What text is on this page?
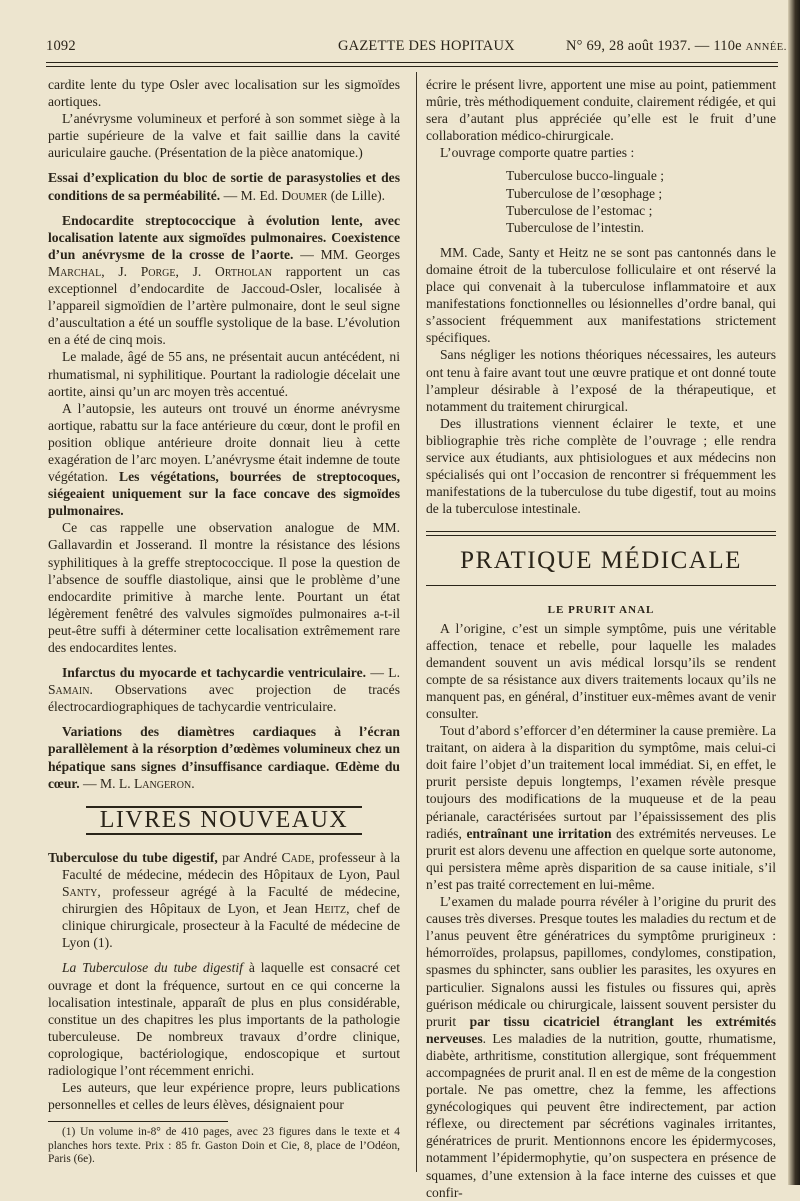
1092	GAZETTE DES HOPITAUX	N° 69, 28 août 1937. — 110e ANNÉE.

cardite lente du type Osler avec localisation sur les sigmoïdes aortiques.

L’anévrysme volumineux et perforé à son sommet siège à la partie supérieure de la valve et fait saillie dans la cavité auriculaire gauche. (Présentation de la pièce anatomique.)

Essai d’explication du bloc de sortie de parasystolies et des conditions de sa perméabilité. — M. Ed. Doumer (de Lille).

Endocardite streptococcique à évolution lente, avec localisation latente aux sigmoïdes pulmonaires. Coexistence d’un anévrysme de la crosse de l’aorte. — MM. Georges Marchal, J. Porge, J. Ortholan rapportent un cas exceptionnel d’endocardite de Jaccoud-Osler, localisée à l’appareil sigmoïdien de l’artère pulmonaire, dont le seul signe d’auscultation a été un souffle systolique de la base. L’évolution en a été de cinq mois.

Le malade, âgé de 55 ans, ne présentait aucun antécédent, ni rhumatismal, ni syphilitique. Pourtant la radiologie décelait une aortite, ainsi qu’un arc moyen très accentué.

A l’autopsie, les auteurs ont trouvé un énorme anévrysme aortique, rabattu sur la face antérieure du cœur, dont le profil en position oblique antérieure droite donnait lieu à cette exagération de l’arc moyen. L’anévrysme était indemne de toute végétation. Les végétations, bourrées de streptocoques, siégeaient uniquement sur la face concave des sigmoïdes pulmonaires.

Ce cas rappelle une observation analogue de MM. Gallavardin et Josserand. Il montre la résistance des lésions syphilitiques à la greffe streptococcique. Il pose la question de l’absence de souffle diastolique, ainsi que le problème d’une endocardite primitive à marche lente. Pourtant un état légèrement fenêtré des valvules sigmoïdes pulmonaires a-t-il peut-être suffi à déterminer cette localisation extrêmement rare des endocardites lentes.

Infarctus du myocarde et tachycardie ventriculaire. — L. Samain. Observations avec projection de tracés électrocardiographiques de tachycardie ventriculaire.

Variations des diamètres cardiaques à l’écran parallèlement à la résorption d’œdèmes volumineux chez un hépatique sans signes d’insuffisance cardiaque. Œdème du cœur. — M. L. Langeron.

LIVRES NOUVEAUX

Tuberculose du tube digestif, par André Cade, professeur à la Faculté de médecine, médecin des Hôpitaux de Lyon, Paul Santy, professeur agrégé à la Faculté de médecine, chirurgien des Hôpitaux de Lyon, et Jean Heitz, chef de clinique chirurgicale, prosecteur à la Faculté de médecine de Lyon (1).

La Tuberculose du tube digestif à laquelle est consacré cet ouvrage et dont la fréquence, surtout en ce qui concerne la localisation intestinale, apparaît de plus en plus considérable, constitue un des chapitres les plus importants de la pathologie tuberculeuse. De nombreux travaux d’ordre clinique, coprologique, bactériologique, endoscopique et surtout radiologique l’ont récemment enrichi.

Les auteurs, que leur expérience propre, leurs publications personnelles et celles de leurs élèves, désignaient pour

(1) Un volume in-8° de 410 pages, avec 23 figures dans le texte et 4 planches hors texte. Prix : 85 fr. Gaston Doin et Cie, 8, place de l’Odéon, Paris (6e).

écrire le présent livre, apportent une mise au point, patiemment mûrie, très méthodiquement conduite, clairement rédigée, et qui sera d’autant plus appréciée qu’elle est le fruit d’une collaboration médico-chirurgicale.

L’ouvrage comporte quatre parties :

Tuberculose bucco-linguale ;

Tuberculose de l’œsophage ;

Tuberculose de l’estomac ;

Tuberculose de l’intestin.

MM. Cade, Santy et Heitz ne se sont pas cantonnés dans le domaine étroit de la tuberculose folliculaire et ont réservé la place qui convenait à la tuberculose inflammatoire et aux manifestations fonctionnelles ou lésionnelles d’ordre banal, qui s’associent fréquemment aux manifestations strictement spécifiques.

Sans négliger les notions théoriques nécessaires, les auteurs ont tenu à faire avant tout une œuvre pratique et ont donné toute l’ampleur désirable à l’exposé de la thérapeutique, et notamment du traitement chirurgical.

Des illustrations viennent éclairer le texte, et une bibliographie très riche complète de l’ouvrage ; elle rendra service aux étudiants, aux phtisiologues et aux médecins non spécialisés qui ont l’occasion de rencontrer si fréquemment les manifestations de la tuberculose du tube digestif, tout au moins de la tuberculose intestinale.

PRATIQUE MÉDICALE

LE PRURIT ANAL

A l’origine, c’est un simple symptôme, puis une véritable affection, tenace et rebelle, pour laquelle les malades demandent souvent un avis médical lorsqu’ils se rendent compte de sa résistance aux divers traitements locaux qu’ils ne manquent pas, en général, d’instituer eux-mêmes avant de venir consulter.

Tout d’abord s’efforcer d’en déterminer la cause première. La traitant, on aidera à la disparition du symptôme, mais celui-ci doit faire l’objet d’un traitement local immédiat. Si, en effet, le prurit persiste depuis longtemps, l’examen révèle presque toujours des modifications de la muqueuse et de la peau périanale, caractérisées surtout par l’épaississement des plis radiés, entraînant une irritation des extrémités nerveuses. Le prurit est alors devenu une affection en quelque sorte autonome, qui persistera même après disparition de sa cause initiale, s’il n’est pas traité correctement en lui-même.

L’examen du malade pourra révéler à l’origine du prurit des causes très diverses. Presque toutes les maladies du rectum et de l’anus peuvent être génératrices du symptôme prurigineux : hémorroïdes, prolapsus, papillomes, condylomes, constipation, spasmes du sphincter, sans oublier les parasites, les oxyures en particulier. Signalons aussi les fistules ou fissures qui, après guérison médicale ou chirurgicale, laissent souvent persister du prurit par tissu cicatriciel étranglant les extrémités nerveuses. Les maladies de la nutrition, goutte, rhumatisme, diabète, arthritisme, constitution allergique, sont fréquemment accompagnées de prurit anal. Il en est de même de la congestion portale. Ne pas omettre, chez la femme, les affections gynécologiques qui peuvent être indirectement, par action réflexe, ou directement par sécrétions vaginales irritantes, génératrices de prurit. Mentionnons encore les épidermycoses, notamment l’épidermophytie, qu’on suspectera en présence de squames, d’une extension à la face interne des cuisses et que confir-
